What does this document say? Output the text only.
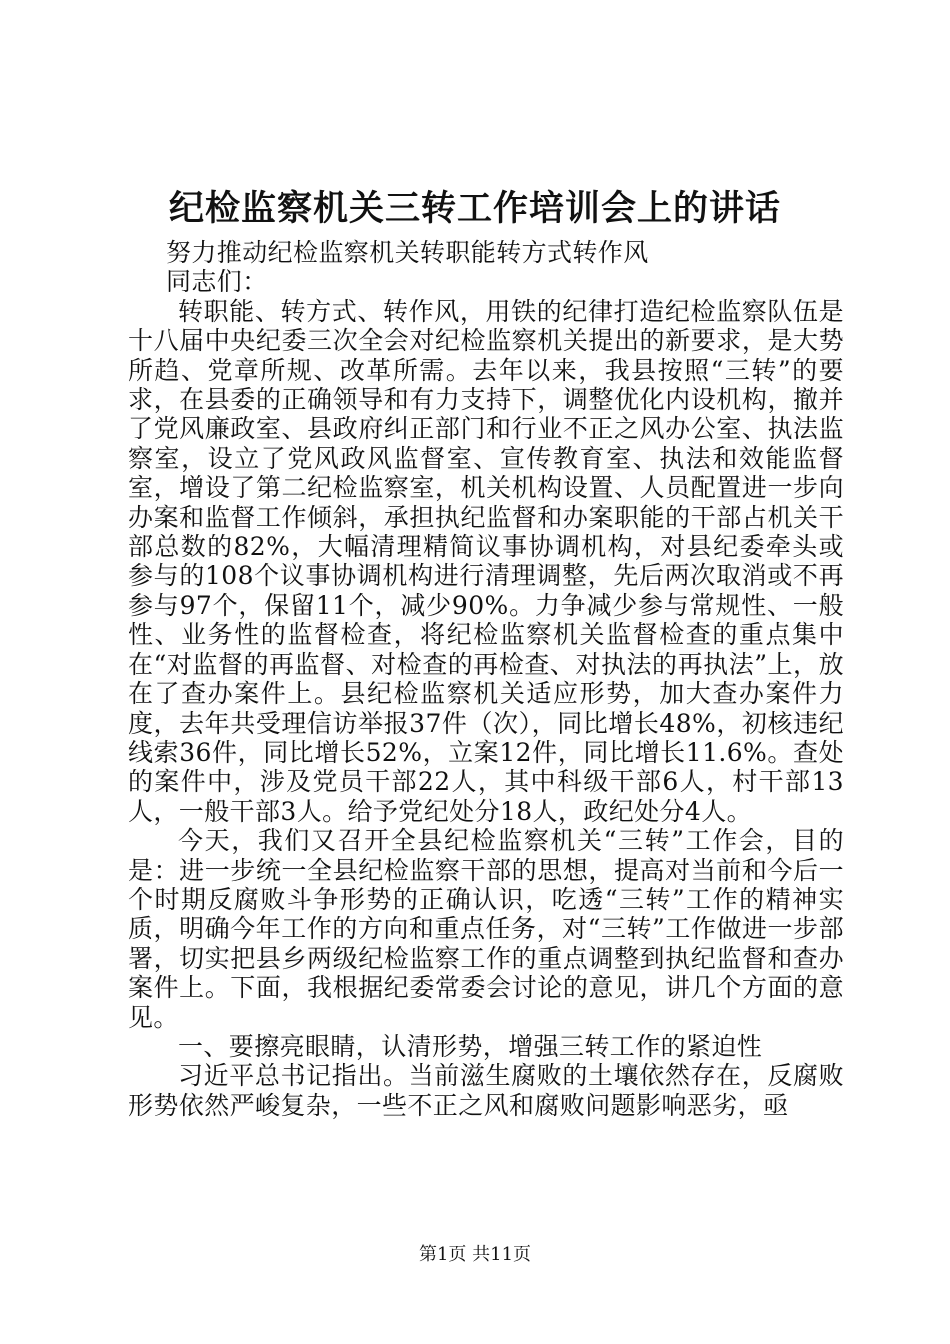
纪检监察机关三转工作培训会上的讲话

努力推动纪检监察机关转职能转方式转作风

同志们：

转职能、转方式、转作风，用铁的纪律打造纪检监察队伍是十八届中央纪委三次全会对纪检监察机关提出的新要求，是大势所趋、党章所规、改革所需。去年以来，我县按照“三转”的要求，在县委的正确领导和有力支持下，调整优化内设机构，撤并了党风廉政室、县政府纠正部门和行业不正之风办公室、执法监察室，设立了党风政风监督室、宣传教育室、执法和效能监督室，增设了第二纪检监察室，机关机构设置、人员配置进一步向办案和监督工作倾斜，承担执纪监督和办案职能的干部占机关干部总数的82%，大幅清理精简议事协调机构，对县纪委牵头或参与的108个议事协调机构进行清理调整，先后两次取消或不再参与97个，保留11个，减少90%。力争减少参与常规性、一般性、业务性的监督检查，将纪检监察机关监督检查的重点集中在“对监督的再监督、对检查的再检查、对执法的再执法”上，放在了查办案件上。县纪检监察机关适应形势，加大查办案件力度，去年共受理信访举报37件（次），同比增长48%，初核违纪线索36件，同比增长52%，立案12件，同比增长11.6%。查处的案件中，涉及党员干部22人，其中科级干部6人，村干部13人，一般干部3人。给予党纪处分18人，政纪处分4人。

今天，我们又召开全县纪检监察机关“三转”工作会，目的是：进一步统一全县纪检监察干部的思想，提高对当前和今后一个时期反腐败斗争形势的正确认识，吃透“三转”工作的精神实质，明确今年工作的方向和重点任务，对“三转”工作做进一步部署，切实把县乡两级纪检监察工作的重点调整到执纪监督和查办案件上。下面，我根据纪委常委会讨论的意见，讲几个方面的意见。

一、要擦亮眼睛，认清形势，增强三转工作的紧迫性

习近平总书记指出。当前滋生腐败的土壤依然存在，反腐败形势依然严峻复杂，一些不正之风和腐败问题影响恶劣，亟

第1页 共11页
